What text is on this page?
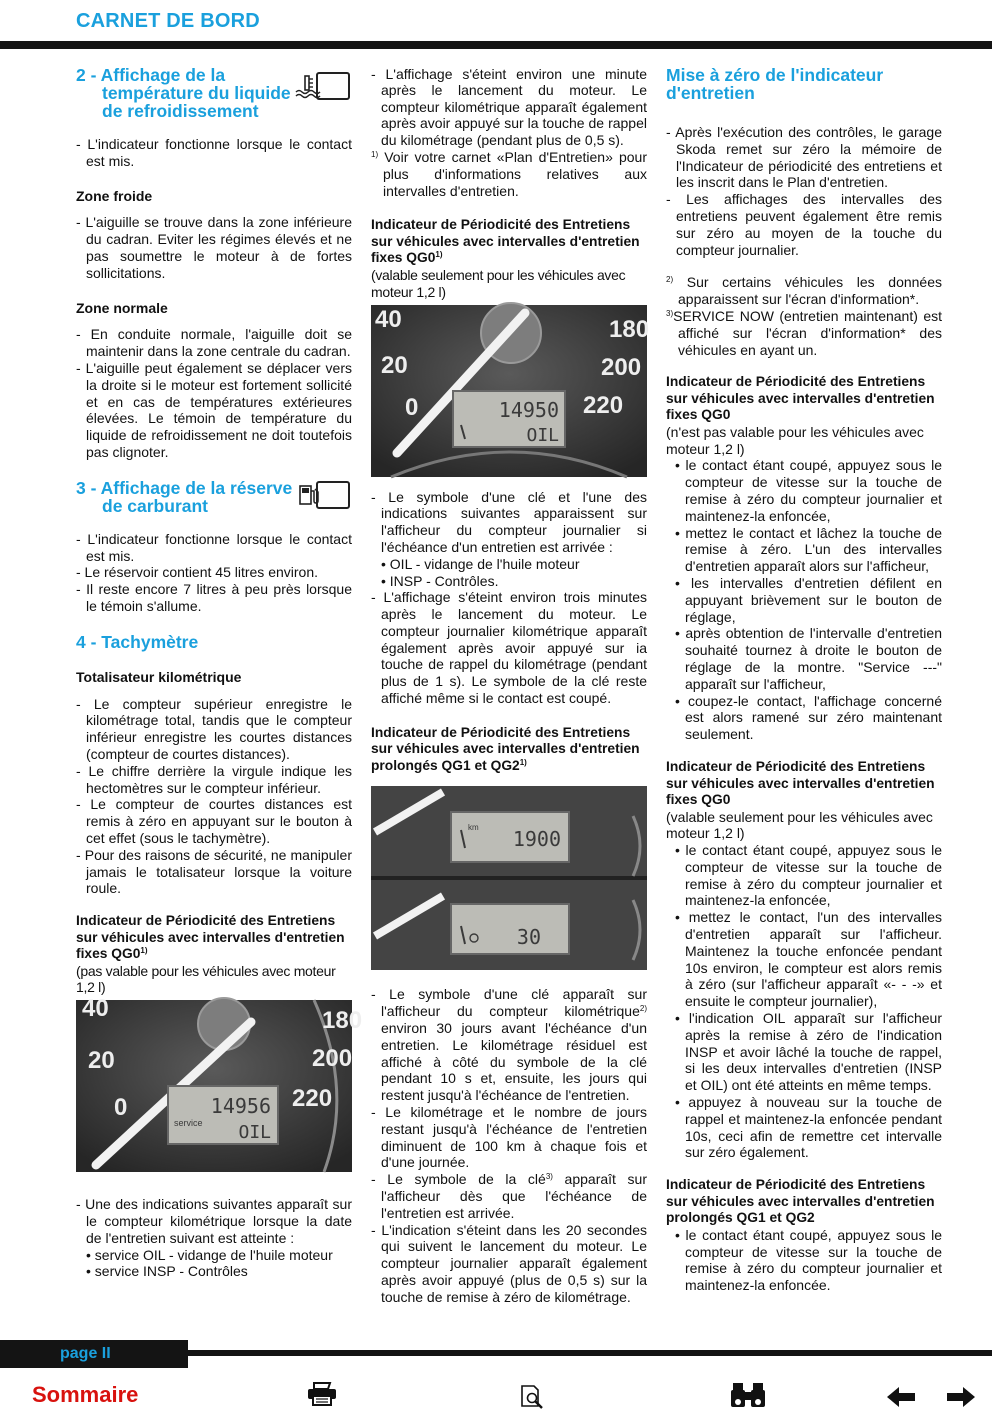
CARNET DE BORD
2 - Affichage de la température du liquide de refroidissement

- L'indicateur fonctionne lorsque le contact est mis.

Zone froide

- L'aiguille se trouve dans la zone inférieure du cadran. Eviter les régimes élevés et ne pas soumettre le moteur à de fortes sollicitations.

Zone normale

- En conduite normale, l'aiguille doit se maintenir dans la zone centrale du cadran.

- L'aiguille peut également se déplacer vers la droite si le moteur est fortement sollicité et en cas de températures extérieures élevées. Le témoin de température du liquide de refroidissement ne doit toutefois pas clignoter.

3 - Affichage de la réserve de carburant

- L'indicateur fonctionne lorsque le contact est mis.

- Le réservoir contient 45 litres environ.

- Il reste encore 7 litres à peu près lorsque le témoin s'allume.

4 - Tachymètre
Totalisateur kilométrique

- Le compteur supérieur enregistre le kilométrage total, tandis que le compteur inférieur enregistre les courtes distances (compteur de courtes distances).

- Le chiffre derrière la virgule indique les hectomètres sur le compteur inférieur.

- Le compteur de courtes distances est remis à zéro en appuyant sur le bouton à cet effet (sous le tachymètre).

- Pour des raisons de sécurité, ne manipuler jamais le totalisateur lorsque la voiture roule.

Indicateur de Périodicité des Entretiens sur véhicules avec intervalles d'entretien fixes QG0$^{1)}$

(pas valable pour les véhicules avec moteur 1,2 l)

40
20
0
180
200
220
14956
service OIL

- Une des indications suivantes apparaît sur le compteur kilométrique lorsque la date de l'entretien suivant est atteinte :

• service OIL - vidange de l'huile moteur

• service INSP - Contrôles

- L'affichage s'éteint environ une minute après le lancement du moteur. Le compteur kilométrique apparaît également après avoir appuyé sur la touche de rappel du kilométrage (pendant plus de 0,5 s).

$^{1)}$ Voir votre carnet «Plan d'Entretien» pour plus d'informations relatives aux intervalles d'entretien.

Indicateur de Périodicité des Entretiens sur véhicules avec intervalles d'entretien fixes QG0$^{1)}$

(valable seulement pour les véhicules avec moteur 1,2 l)

40
20
0
180
200
220
14950
OIL

- Le symbole d'une clé et l'une des indications suivantes apparaissent sur l'afficheur du compteur journalier si l'échéance d'un entretien est arrivée :

• OIL - vidange de l'huile moteur

• INSP - Contrôles.

- L'affichage s'éteint environ trois minutes après le lancement du moteur. Le compteur journalier kilométrique apparaît également après avoir appuyé sur ia touche de rappel du kilométrage (pendant plus de 1 s). Le symbole de la clé reste affiché même si le contact est coupé.

Indicateur de Périodicité des Entretiens sur véhicules avec intervalles d'entretien prolongés QG1 et QG2$^{1)}$
km 1900
30

- Le symbole d'une clé apparaît sur l'afficheur du compteur kilométrique$^{2)}$ environ 30 jours avant l'échéance d'un entretien. Le kilométrage résiduel est affiché à côté du symbole de la clé pendant 10 s et, ensuite, les jours qui restent jusqu'à l'échéance de l'entretien.

- Le kilométrage et le nombre de jours restant jusqu'à l'échéance de l'entretien diminuent de 100 km à chaque fois et d'une journée.

- Le symbole de la clé$^{3)}$ apparaît sur l'afficheur dès que l'échéance de l'entretien est arrivée.

- L'indication s'éteint dans les 20 secondes qui suivent le lancement du moteur. Le compteur journalier apparaît également après avoir appuyé (plus de 0,5 s) sur la touche de remise à zéro de kilométrage.

Mise à zéro de l'indicateur d'entretien

- Après l'exécution des contrôles, le garage Skoda remet sur zéro la mémoire de l'Indicateur de périodicité des entretiens et les inscrit dans le Plan d'entretien.

- Les affichages des intervalles des entretiens peuvent également être remis sur zéro au moyen de la touche du compteur journalier.

$^{2)}$ Sur certains véhicules les données apparaissent sur l'écran d'information*.

$^{3)}$SERVICE NOW (entretien maintenant) est affiché sur l'écran d'information* des véhicules en ayant un.

Indicateur de Périodicité des Entretiens sur véhicules avec intervalles d'entretien fixes QG0

(n'est pas valable pour les véhicules avec moteur 1,2 l)

• le contact étant coupé, appuyez sous le compteur de vitesse sur la touche de remise à zéro du compteur journalier et maintenez-la enfoncée,

• mettez le contact et lâchez la touche de remise à zéro. L'un des intervalles d'entretien apparaît alors sur l'afficheur,

• les intervalles d'entretien défilent en appuyant brièvement sur le bouton de réglage,

• après obtention de l'intervalle d'entretien souhaité tournez à droite le bouton de réglage de la montre. "Service ---" apparaît sur l'afficheur,

• coupez-le contact, l'affichage concerné est alors ramené sur zéro maintenant seulement.

Indicateur de Périodicité des Entretiens sur véhicules avec intervalles d'entretien fixes QG0

(valable seulement pour les véhicules avec moteur 1,2 l)

• le contact étant coupé, appuyez sous le compteur de vitesse sur la touche de remise à zéro du compteur journalier et maintenez-la enfoncée,

• mettez le contact, l'un des intervalles d'entretien apparaît sur l'afficheur. Maintenez la touche enfoncée pendant 10s environ, le compteur est alors remis à zéro (sur l'afficheur apparaît «- - -» et ensuite le compteur journalier),

• l'indication OIL apparaît sur l'afficheur après la remise à zéro de l'indication INSP et avoir lâché la touche de rappel, si les deux intervalles d'entretien (INSP et OIL) ont été atteints en même temps.

• appuyez à nouveau sur la touche de rappel et maintenez-la enfoncée pendant 10s, ceci afin de remettre cet intervalle sur zéro également.

Indicateur de Périodicité des Entretiens sur véhicules avec intervalles d'entretien prolongés QG1 et QG2

• le contact étant coupé, appuyez sous le compteur de vitesse sur la touche de remise à zéro du compteur journalier et maintenez-la enfoncée.

page II
Sommaire
